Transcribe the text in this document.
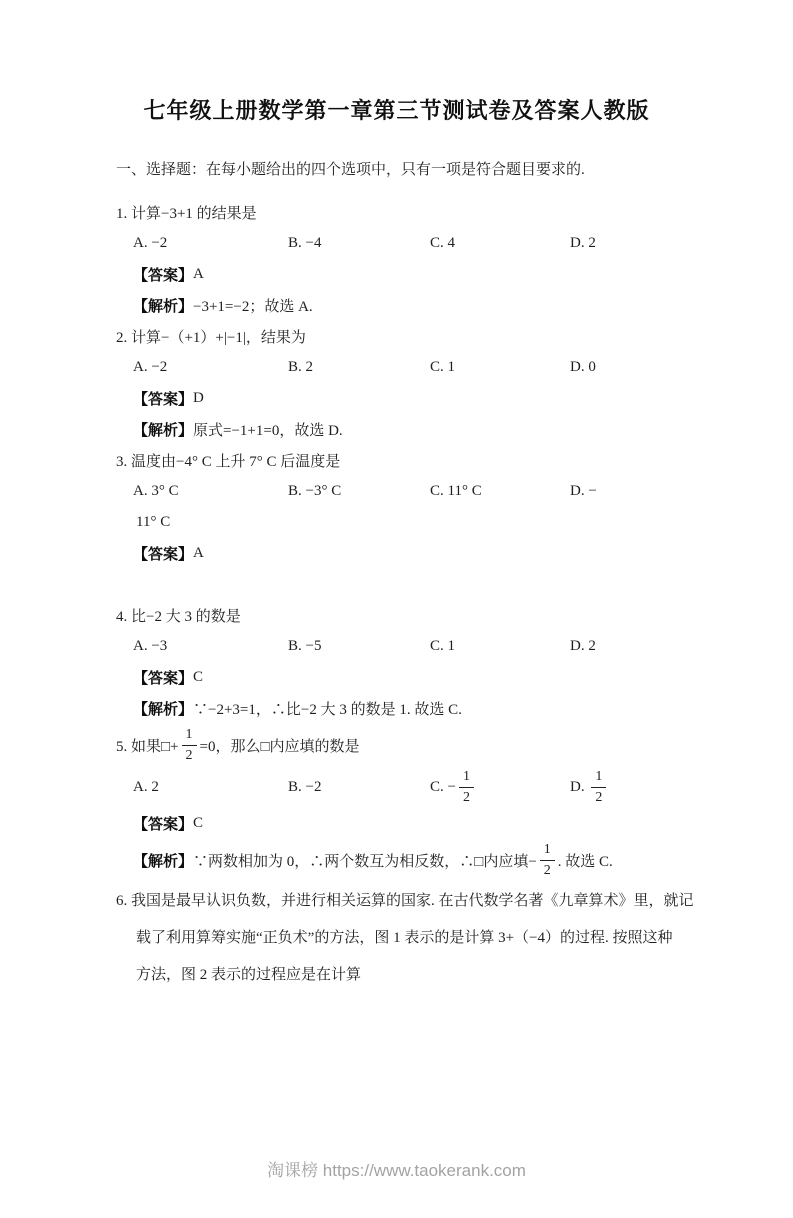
七年级上册数学第一章第三节测试卷及答案人教版
一、选择题：在每小题给出的四个选项中，只有一项是符合题目要求的.
1. 计算−3+1 的结果是
A. −2	B. −4	C. 4	D. 2
【答案】 A
【解析】 −3+1=−2；故选 A.
2. 计算−（+1）+|−1|，结果为
A. −2	B. 2	C. 1	D. 0
【答案】 D
【解析】 原式=−1+1=0，故选 D.
3. 温度由−4° C 上升 7° C 后温度是
A. 3° C	B. −3° C	C. 11° C	D. −
11° C
【答案】 A
4. 比−2 大 3 的数是
A. −3	B. −5	C. 1	D. 2
【答案】 C
【解析】 ∵−2+3=1，∴比−2 大 3 的数是 1. 故选 C.
5. 如果□+ $\frac{1}{2} =0$，那么□内应填的数是
A. 2	B. −2	C. − $\frac{1}{2}$	D. $\frac{1}{2}$
【答案】 C
【解析】 ∵两数相加为 0，∴两个数互为相反数，∴□内应填− $\frac{1}{2}$ . 故选 C.
6. 我国是最早认识负数，并进行相关运算的国家. 在古代数学名著《九章算术》里，就记
载了利用算筹实施“正负术”的方法，图 1 表示的是计算 3+（−4）的过程. 按照这种
方法，图 2 表示的过程应是在计算
淘课榜 https://www.taokerank.com
